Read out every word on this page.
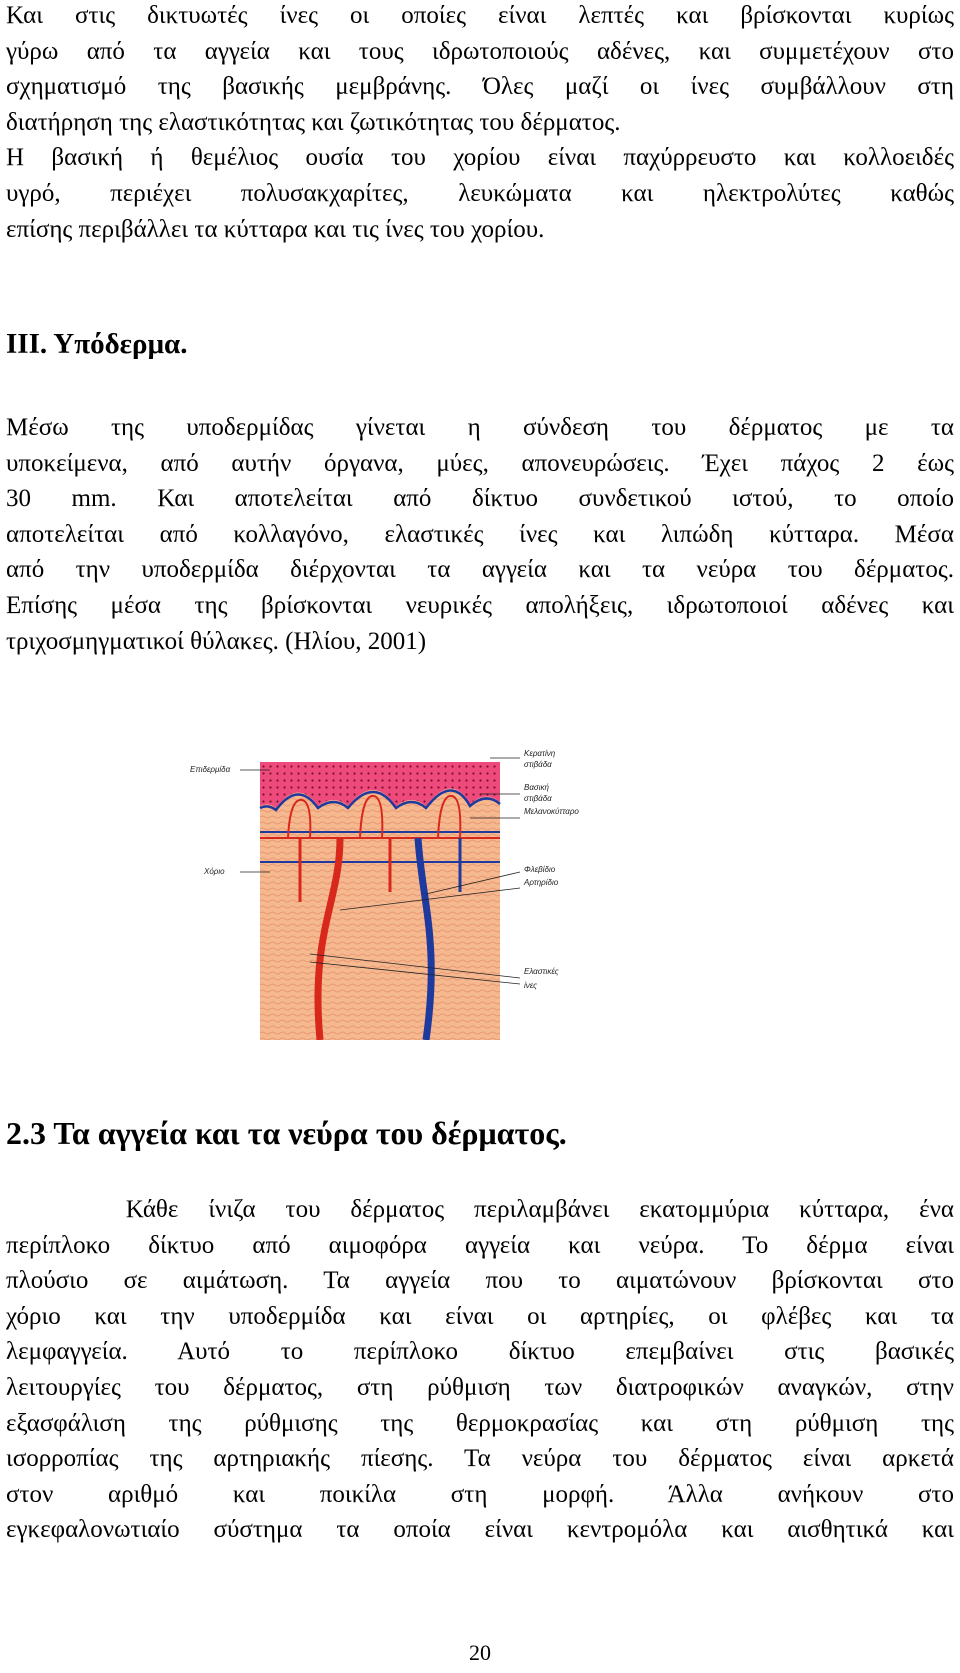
Και στις δικτυωτές ίνες οι οποίες είναι λεπτές και βρίσκονται κυρίως
γύρω από τα αγγεία και τους ιδρωτοποιούς αδένες, και συμμετέχουν στο
σχηματισμό της βασικής μεμβράνης. Όλες μαζί οι ίνες συμβάλλουν στη
διατήρηση της ελαστικότητας και ζωτικότητας του δέρματος.
Η βασική ή θεμέλιος ουσία του χορίου είναι παχύρρευστο και κολλοειδές
υγρό, περιέχει πολυσακχαρίτες, λευκώματα και ηλεκτρολύτες καθώς
επίσης περιβάλλει τα κύτταρα και τις ίνες του χορίου.
ΙΙΙ. Υπόδερμα.
Μέσω της υποδερμίδας γίνεται η σύνδεση του δέρματος με τα
υποκείμενα, από αυτήν όργανα, μύες, απονευρώσεις. Έχει πάχος 2 έως
30 mm. Και αποτελείται από δίκτυο συνδετικού ιστού, το οποίο
αποτελείται από κολλαγόνο, ελαστικές ίνες και λιπώδη κύτταρα. Μέσα
από την υποδερμίδα διέρχονται τα αγγεία και τα νεύρα του δέρματος.
Επίσης μέσα της βρίσκονται νευρικές απολήξεις, ιδρωτοποιοί αδένες και
τριχοσμηγματικοί θύλακες. (Ηλίου, 2001)
Επιδερμίδα
Χόριο
Κερατίνη
στιβάδα
Βασική
στιβάδα
Μελανοκύτταρο
Φλεβίδιο
Αρτηρίδιο
Ελαστικές
ίνες
2.3 Τα αγγεία και τα νεύρα του δέρματος.
Κάθε ίνιζα του δέρματος περιλαμβάνει εκατομμύρια κύτταρα, ένα
περίπλοκο δίκτυο από αιμοφόρα αγγεία και νεύρα. Το δέρμα είναι
πλούσιο σε αιμάτωση. Τα αγγεία που το αιματώνουν βρίσκονται στο
χόριο και την υποδερμίδα και είναι οι αρτηρίες, οι φλέβες και τα
λεμφαγγεία. Αυτό το περίπλοκο δίκτυο επεμβαίνει στις βασικές
λειτουργίες του δέρματος, στη ρύθμιση των διατροφικών αναγκών, στην
εξασφάλιση της ρύθμισης της θερμοκρασίας και στη ρύθμιση της
ισορροπίας της αρτηριακής πίεσης. Τα νεύρα του δέρματος είναι αρκετά
στον αριθμό και ποικίλα στη μορφή. Άλλα ανήκουν στο
εγκεφαλονωτιαίο σύστημα τα οποία είναι κεντρομόλα και αισθητικά και
20
